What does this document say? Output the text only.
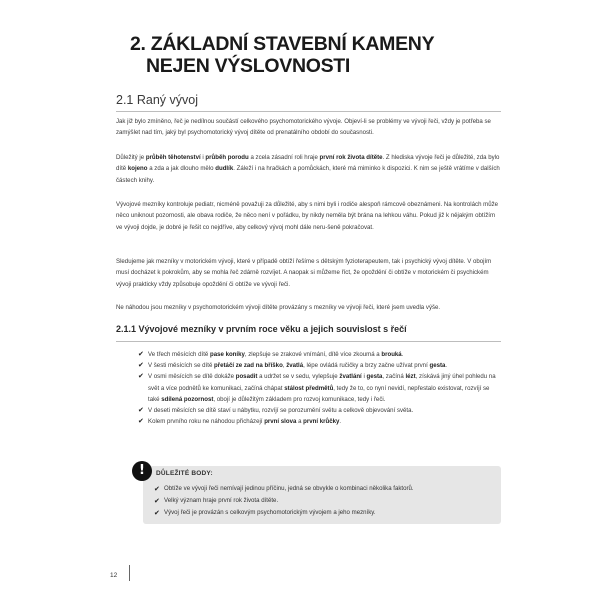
2. ZÁKLADNÍ STAVEBNÍ KAMENY
NEJEN VÝSLOVNOSTI
2.1 Raný vývoj

Jak již bylo zmíněno, řeč je nedílnou součástí celkového psychomotorického vývoje. Objeví-li se problémy ve vývoji řeči, vždy je potřeba se zamýšlet nad tím, jaký byl psychomotorický vývoj dítěte od prenatálního období do současnosti.

Důležitý je průběh těhotenství i průběh porodu a zcela zásadní roli hraje první rok života dítěte. Z hlediska vývoje řeči je důležité, zda bylo dítě kojeno a zda a jak dlouho mělo dudlík. Záleží i na hračkách a pomůckách, které má miminko k dispozici. K nim se ještě vrátíme v dalších částech knihy.

Vývojové mezníky kontroluje pediatr, nicméně považuji za důležité, aby s nimi byli i rodiče alespoň rámcově obeznámeni. Na kontrolách může něco uniknout pozornosti, ale obava rodiče, že něco není v pořádku, by nikdy neměla být brána na lehkou váhu. Pokud již k nějakým obtížím ve vývoji dojde, je dobré je řešit co nejdříve, aby celkový vývoj mohl dále neru-šeně pokračovat.

Sledujeme jak mezníky v motorickém vývoji, které v případě obtíží řešíme s dětským fyzioterapeutem, tak i psychický vývoj dítěte. V obojím musí docházet k pokrokům, aby se mohla řeč zdárně rozvíjet. A naopak si můžeme říct, že opoždění či obtíže v motorickém či psychickém vývoji prakticky vždy způsobuje opoždění či obtíže ve vývoji řeči.

Ne náhodou jsou mezníky v psychomotorickém vývoji dítěte provázány s mezníky ve vývoji řeči, které jsem uvedla výše.

2.1.1 Vývojové mezníky v prvním roce věku a jejich souvislost s řečí
✔ Ve třech měsících dítě pase koníky, zlepšuje se zrakové vnímání, dítě více zkoumá a brouká.
✔ V šesti měsících se dítě přetáčí ze zad na bříško, žvatlá, lépe ovládá ručičky a brzy začne užívat první gesta.
✔ V osmi měsících se dítě dokáže posadit a udržet se v sedu, vylepšuje žvatlání i gesta, začíná lézt, získává jiný úhel pohledu na svět a více podnětů ke komunikaci, začíná chápat stálost předmětů, tedy že to, co nyní nevidí, nepřestalo existovat, rozvíjí se také sdílená pozornost, obojí je důležitým základem pro rozvoj komunikace, tedy i řeči.
✔ V deseti měsících se dítě staví u nábytku, rozvíjí se porozumění světu a celkově objevování světa.
✔ Kolem prvního roku ne náhodou přicházejí první slova a první krůčky.
!	DŮLEŽITÉ BODY:
✔ Obtíže ve vývoji řeči nemívají jedinou příčinu, jedná se obvykle o kombinaci několika faktorů.
✔ Velký význam hraje první rok života dítěte.
✔ Vývoj řeči je provázán s celkovým psychomotorickým vývojem a jeho mezníky.
12
